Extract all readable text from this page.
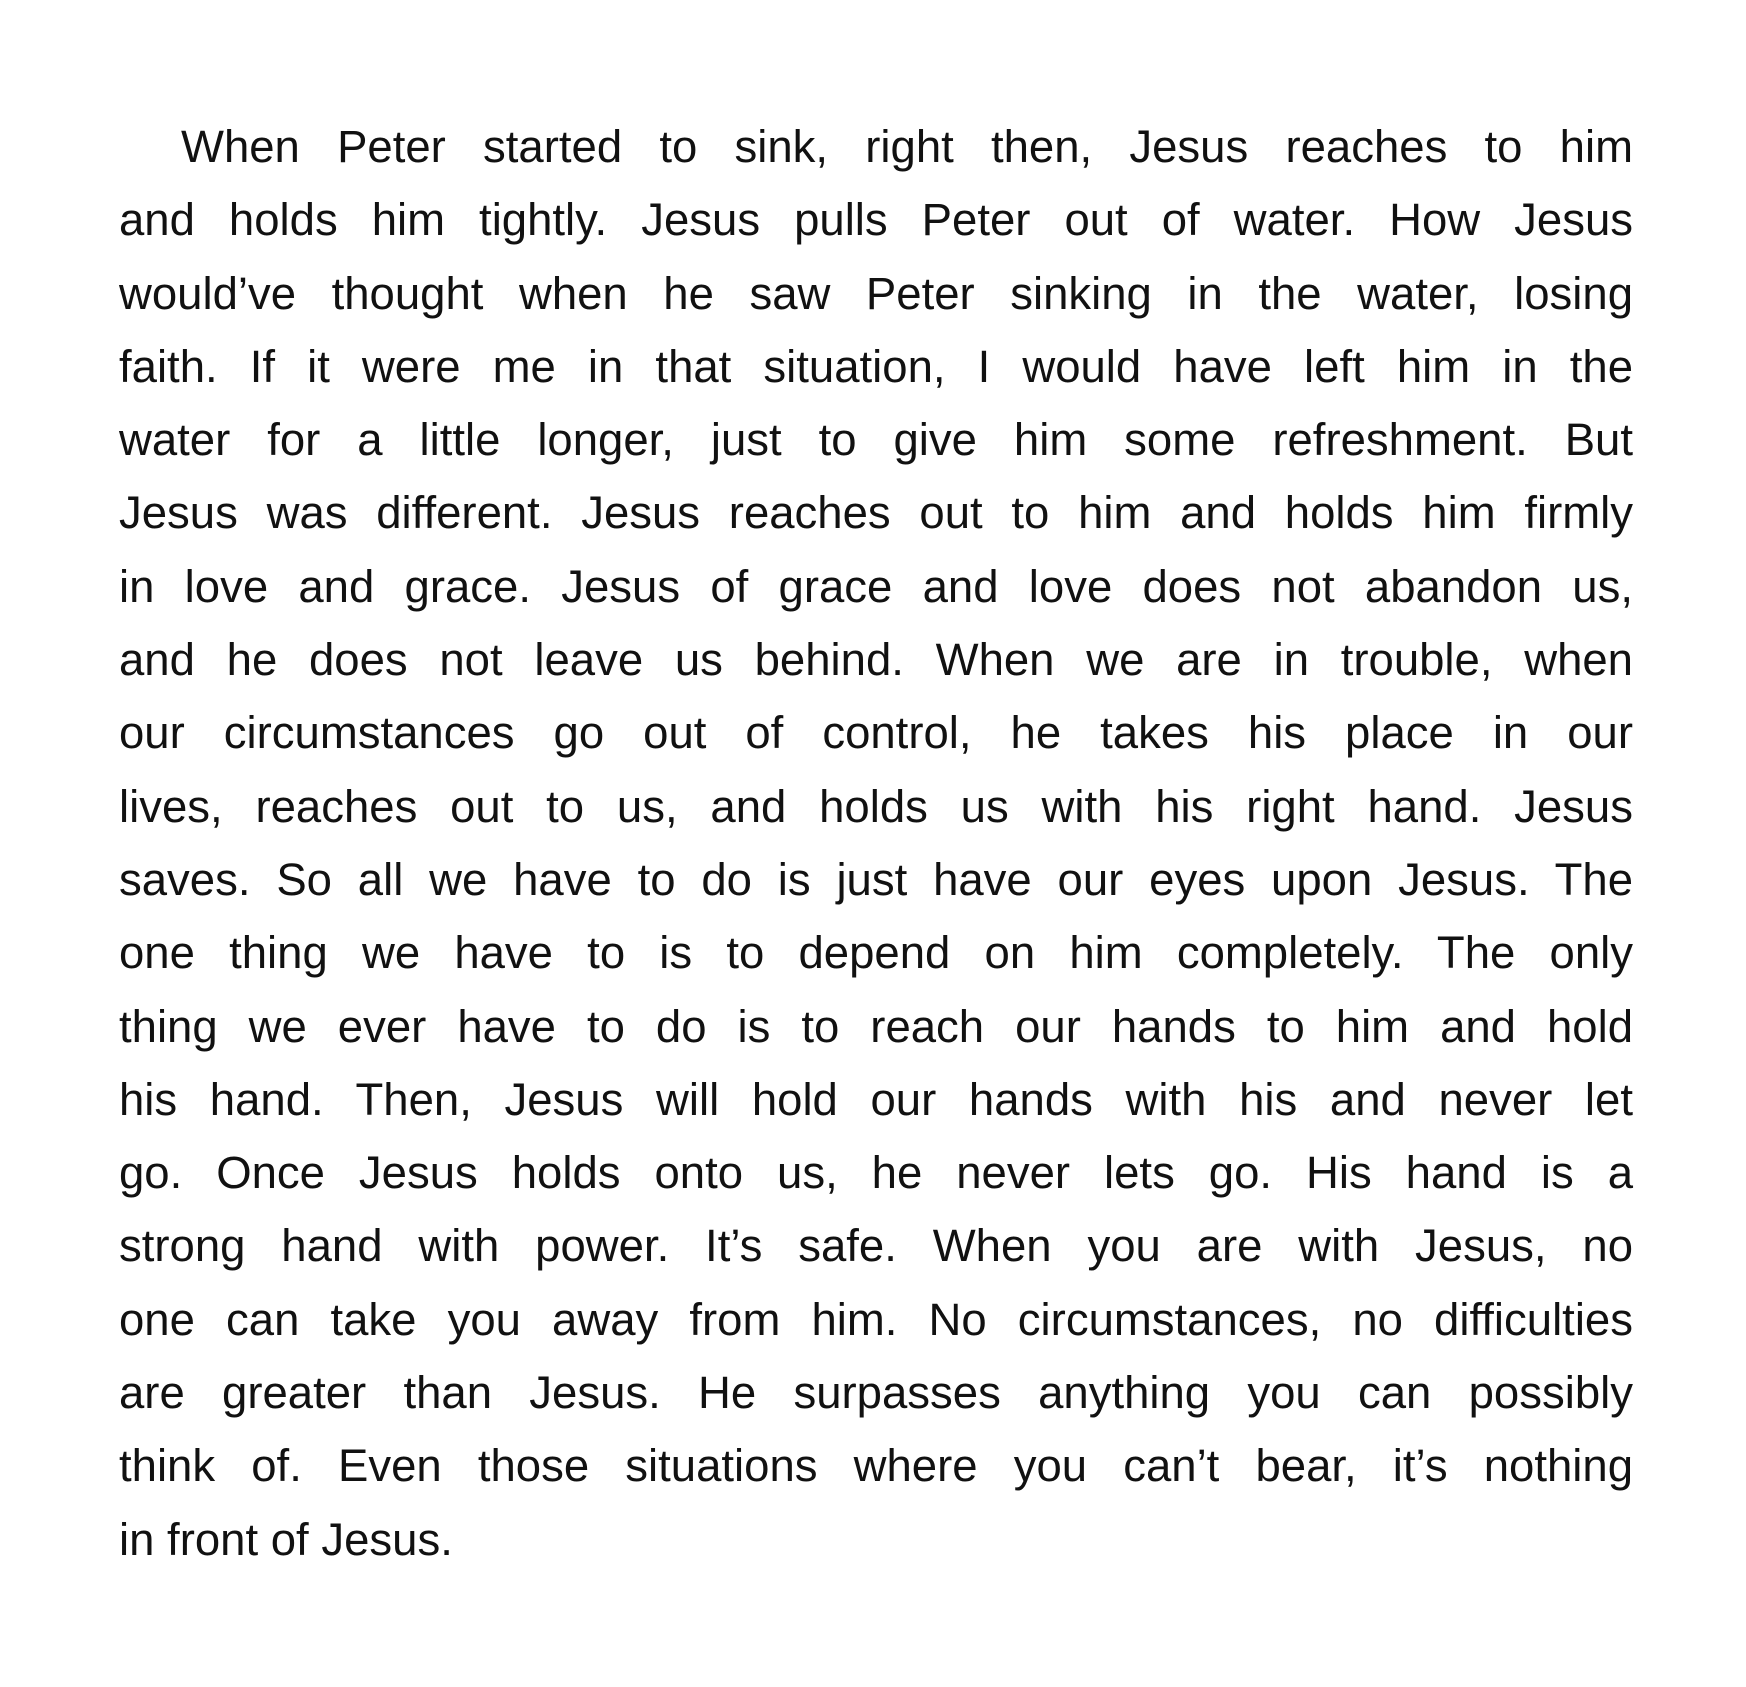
When Peter started to sink, right then, Jesus reaches to him
and holds him tightly. Jesus pulls Peter out of water. How Jesus
would’ve thought when he saw Peter sinking in the water, losing
faith. If it were me in that situation, I would have left him in the
water for a little longer, just to give him some refreshment. But
Jesus was different. Jesus reaches out to him and holds him firmly
in love and grace. Jesus of grace and love does not abandon us,
and he does not leave us behind. When we are in trouble, when
our circumstances go out of control, he takes his place in our
lives, reaches out to us, and holds us with his right hand. Jesus
saves. So all we have to do is just have our eyes upon Jesus. The
one thing we have to is to depend on him completely. The only
thing we ever have to do is to reach our hands to him and hold
his hand. Then, Jesus will hold our hands with his and never let
go. Once Jesus holds onto us, he never lets go. His hand is a
strong hand with power. It’s safe. When you are with Jesus, no
one can take you away from him. No circumstances, no difficulties
are greater than Jesus. He surpasses anything you can possibly
think of. Even those situations where you can’t bear, it’s nothing
in front of Jesus.
